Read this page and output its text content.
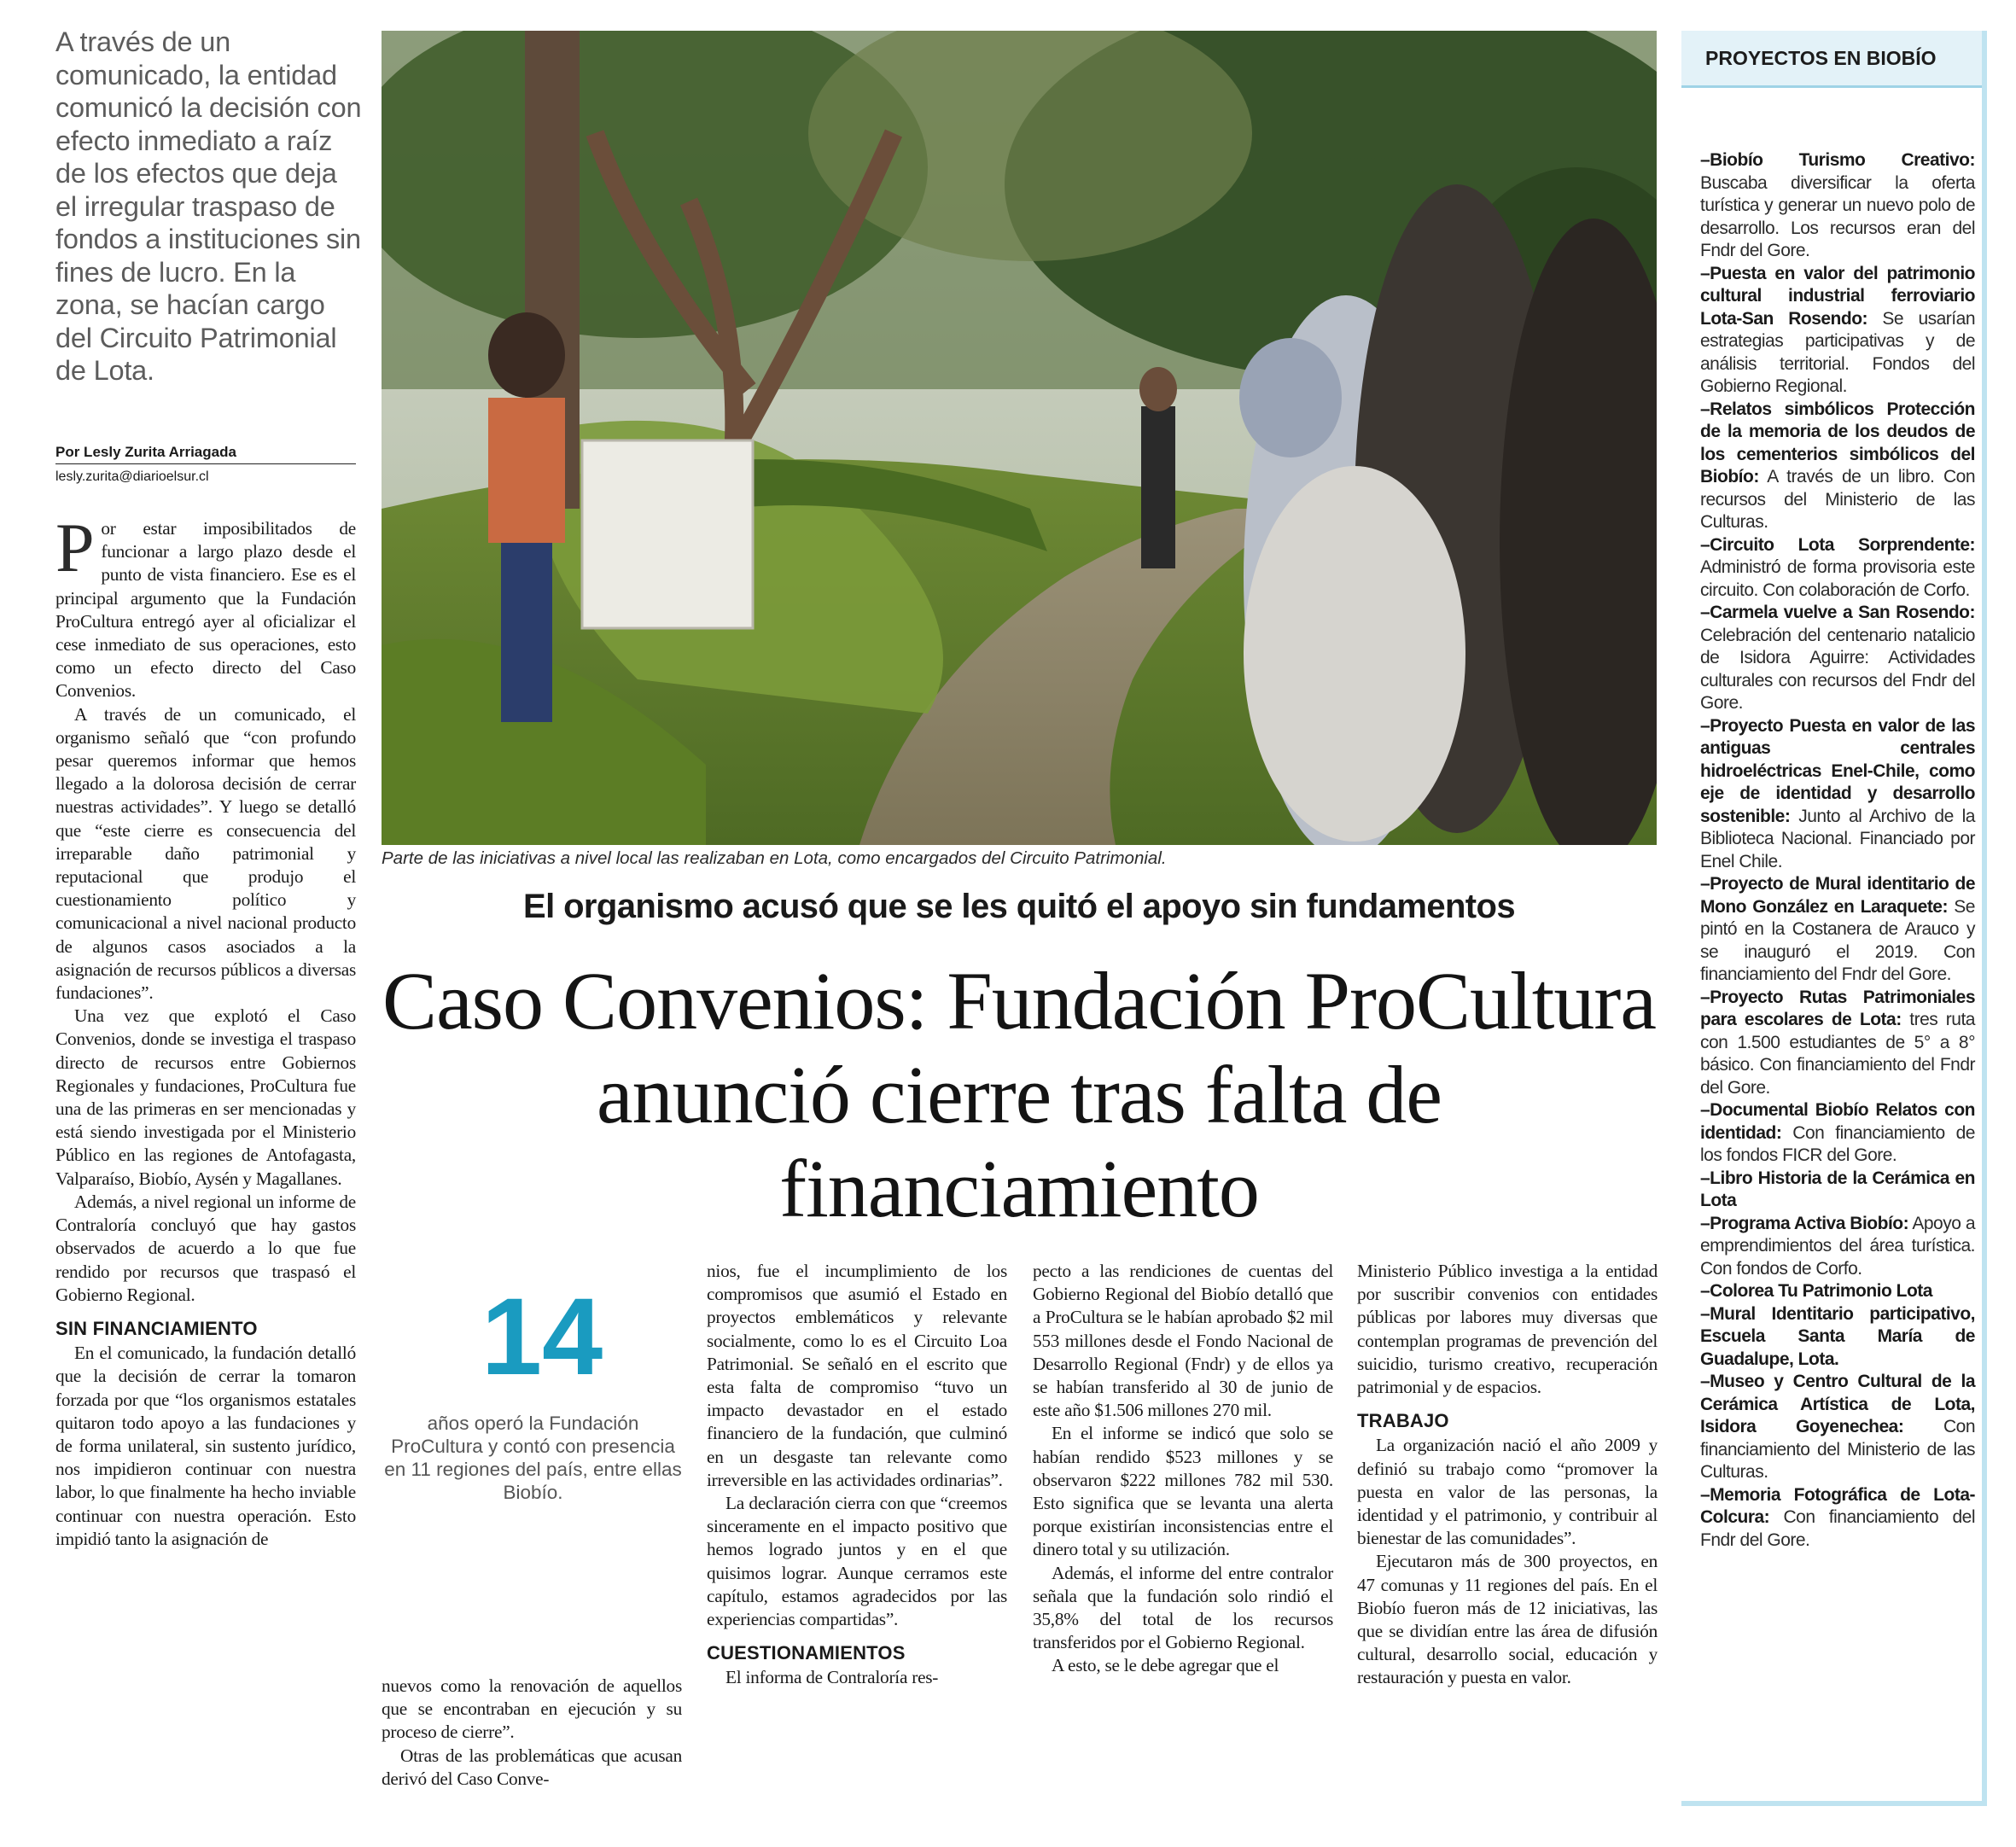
A través de un comunicado, la entidad comunicó la decisión con efecto inmediato a raíz de los efectos que deja el irregular traspaso de fondos a instituciones sin fines de lucro. En la zona, se hacían cargo del Circuito Patrimonial de Lota.
Por Lesly Zurita Arriagada
lesly.zurita@diarioelsur.cl

Por estar imposibilitados de funcionar a largo plazo desde el punto de vista financiero. Ese es el principal argumento que la Fundación ProCultura entregó ayer al oficializar el cese inmediato de sus operaciones, esto como un efecto directo del Caso Convenios.

A través de un comunicado, el organismo señaló que “con profundo pesar queremos informar que hemos llegado a la dolorosa decisión de cerrar nuestras actividades”. Y luego se detalló que “este cierre es consecuencia del irreparable daño patrimonial y reputacional que produjo el cuestionamiento político y comunicacional a nivel nacional producto de algunos casos asociados a la asignación de recursos públicos a diversas fundaciones”.

Una vez que explotó el Caso Convenios, donde se investiga el traspaso directo de recursos entre Gobiernos Regionales y fundaciones, ProCultura fue una de las primeras en ser mencionadas y está siendo investigada por el Ministerio Público en las regiones de Antofagasta, Valparaíso, Biobío, Aysén y Magallanes.

Además, a nivel regional un informe de Contraloría concluyó que hay gastos observados de acuerdo a lo que fue rendido por recursos que traspasó el Gobierno Regional.

SIN FINANCIAMIENTO

En el comunicado, la fundación detalló que la decisión de cerrar la tomaron forzada por que “los organismos estatales quitaron todo apoyo a las fundaciones y de forma unilateral, sin sustento jurídico, nos impidieron continuar con nuestra labor, lo que finalmente ha hecho inviable continuar con nuestra operación. Esto impidió tanto la asignación de

Parte de las iniciativas a nivel local las realizaban en Lota, como encargados del Circuito Patrimonial.
El organismo acusó que se les quitó el apoyo sin fundamentos
Caso Convenios: Fundación ProCultura anunció cierre tras falta de financiamiento
14
años operó la Fundación ProCultura y contó con presencia en 11 regiones del país, entre ellas Biobío.

nuevos como la renovación de aquellos que se encontraban en ejecución y su proceso de cierre”.

Otras de las problemáticas que acusan derivó del Caso Conve-

nios, fue el incumplimiento de los compromisos que asumió el Estado en proyectos emblemáticos y relevante socialmente, como lo es el Circuito Loa Patrimonial. Se señaló en el escrito que esta falta de compromiso “tuvo un impacto devastador en el estado financiero de la fundación, que culminó en un desgaste tan relevante como irreversible en las actividades ordinarias”.

La declaración cierra con que “creemos sinceramente en el impacto positivo que hemos logrado juntos y en el que quisimos lograr. Aunque cerramos este capítulo, estamos agradecidos por las experiencias compartidas”.

CUESTIONAMIENTOS

El informa de Contraloría res-

pecto a las rendiciones de cuentas del Gobierno Regional del Biobío detalló que a ProCultura se le habían aprobado $2 mil 553 millones desde el Fondo Nacional de Desarrollo Regional (Fndr) y de ellos ya se habían transferido al 30 de junio de este año $1.506 millones 270 mil.

En el informe se indicó que solo se habían rendido $523 millones y se observaron $222 millones 782 mil 530. Esto significa que se levanta una alerta porque existirían inconsistencias entre el dinero total y su utilización.

Además, el informe del entre contralor señala que la fundación solo rindió el 35,8% del total de los recursos transferidos por el Gobierno Regional.

A esto, se le debe agregar que el

Ministerio Público investiga a la entidad por suscribir convenios con entidades públicas por labores muy diversas que contemplan programas de prevención del suicidio, turismo creativo, recuperación patrimonial y de espacios.

TRABAJO

La organización nació el año 2009 y definió su trabajo como “promover la puesta en valor de las personas, la identidad y el patrimonio, y contribuir al bienestar de las comunidades”.

Ejecutaron más de 300 proyectos, en 47 comunas y 11 regiones del país. En el Biobío fueron más de 12 iniciativas, las que se dividían entre las área de difusión cultural, desarrollo social, educación y restauración y puesta en valor.

PROYECTOS EN BIOBÍO
–Biobío Turismo Creativo: Buscaba diversificar la oferta turística y generar un nuevo polo de desarrollo. Los recursos eran del Fndr del Gore.
–Puesta en valor del patrimonio cultural industrial ferroviario Lota-San Rosendo: Se usarían estrategias participativas y de análisis territorial. Fondos del Gobierno Regional.
–Relatos simbólicos Protección de la memoria de los deudos de los cementerios simbólicos del Biobío: A través de un libro. Con recursos del Ministerio de las Culturas.
–Circuito Lota Sorprendente: Administró de forma provisoria este circuito. Con colaboración de Corfo.
–Carmela vuelve a San Rosendo: Celebración del centenario natalicio de Isidora Aguirre: Actividades culturales con recursos del Fndr del Gore.
–Proyecto Puesta en valor de las antiguas centrales hidroeléctricas Enel-Chile, como eje de identidad y desarrollo sostenible: Junto al Archivo de la Biblioteca Nacional. Financiado por Enel Chile.
–Proyecto de Mural identitario de Mono González en Laraquete: Se pintó en la Costanera de Arauco y se inauguró el 2019. Con financiamiento del Fndr del Gore.
–Proyecto Rutas Patrimoniales para escolares de Lota: tres ruta con 1.500 estudiantes de 5° a 8° básico. Con financiamiento del Fndr del Gore.
–Documental Biobío Relatos con identidad: Con financiamiento de los fondos FICR del Gore.
–Libro Historia de la Cerámica en Lota
–Programa Activa Biobío: Apoyo a emprendimientos del área turística. Con fondos de Corfo.
–Colorea Tu Patrimonio Lota
–Mural Identitario participativo, Escuela Santa María de Guadalupe, Lota.
–Museo y Centro Cultural de la Cerámica Artística de Lota, Isidora Goyenechea: Con financiamiento del Ministerio de las Culturas.
–Memoria Fotográfica de Lota-Colcura: Con financiamiento del Fndr del Gore.
